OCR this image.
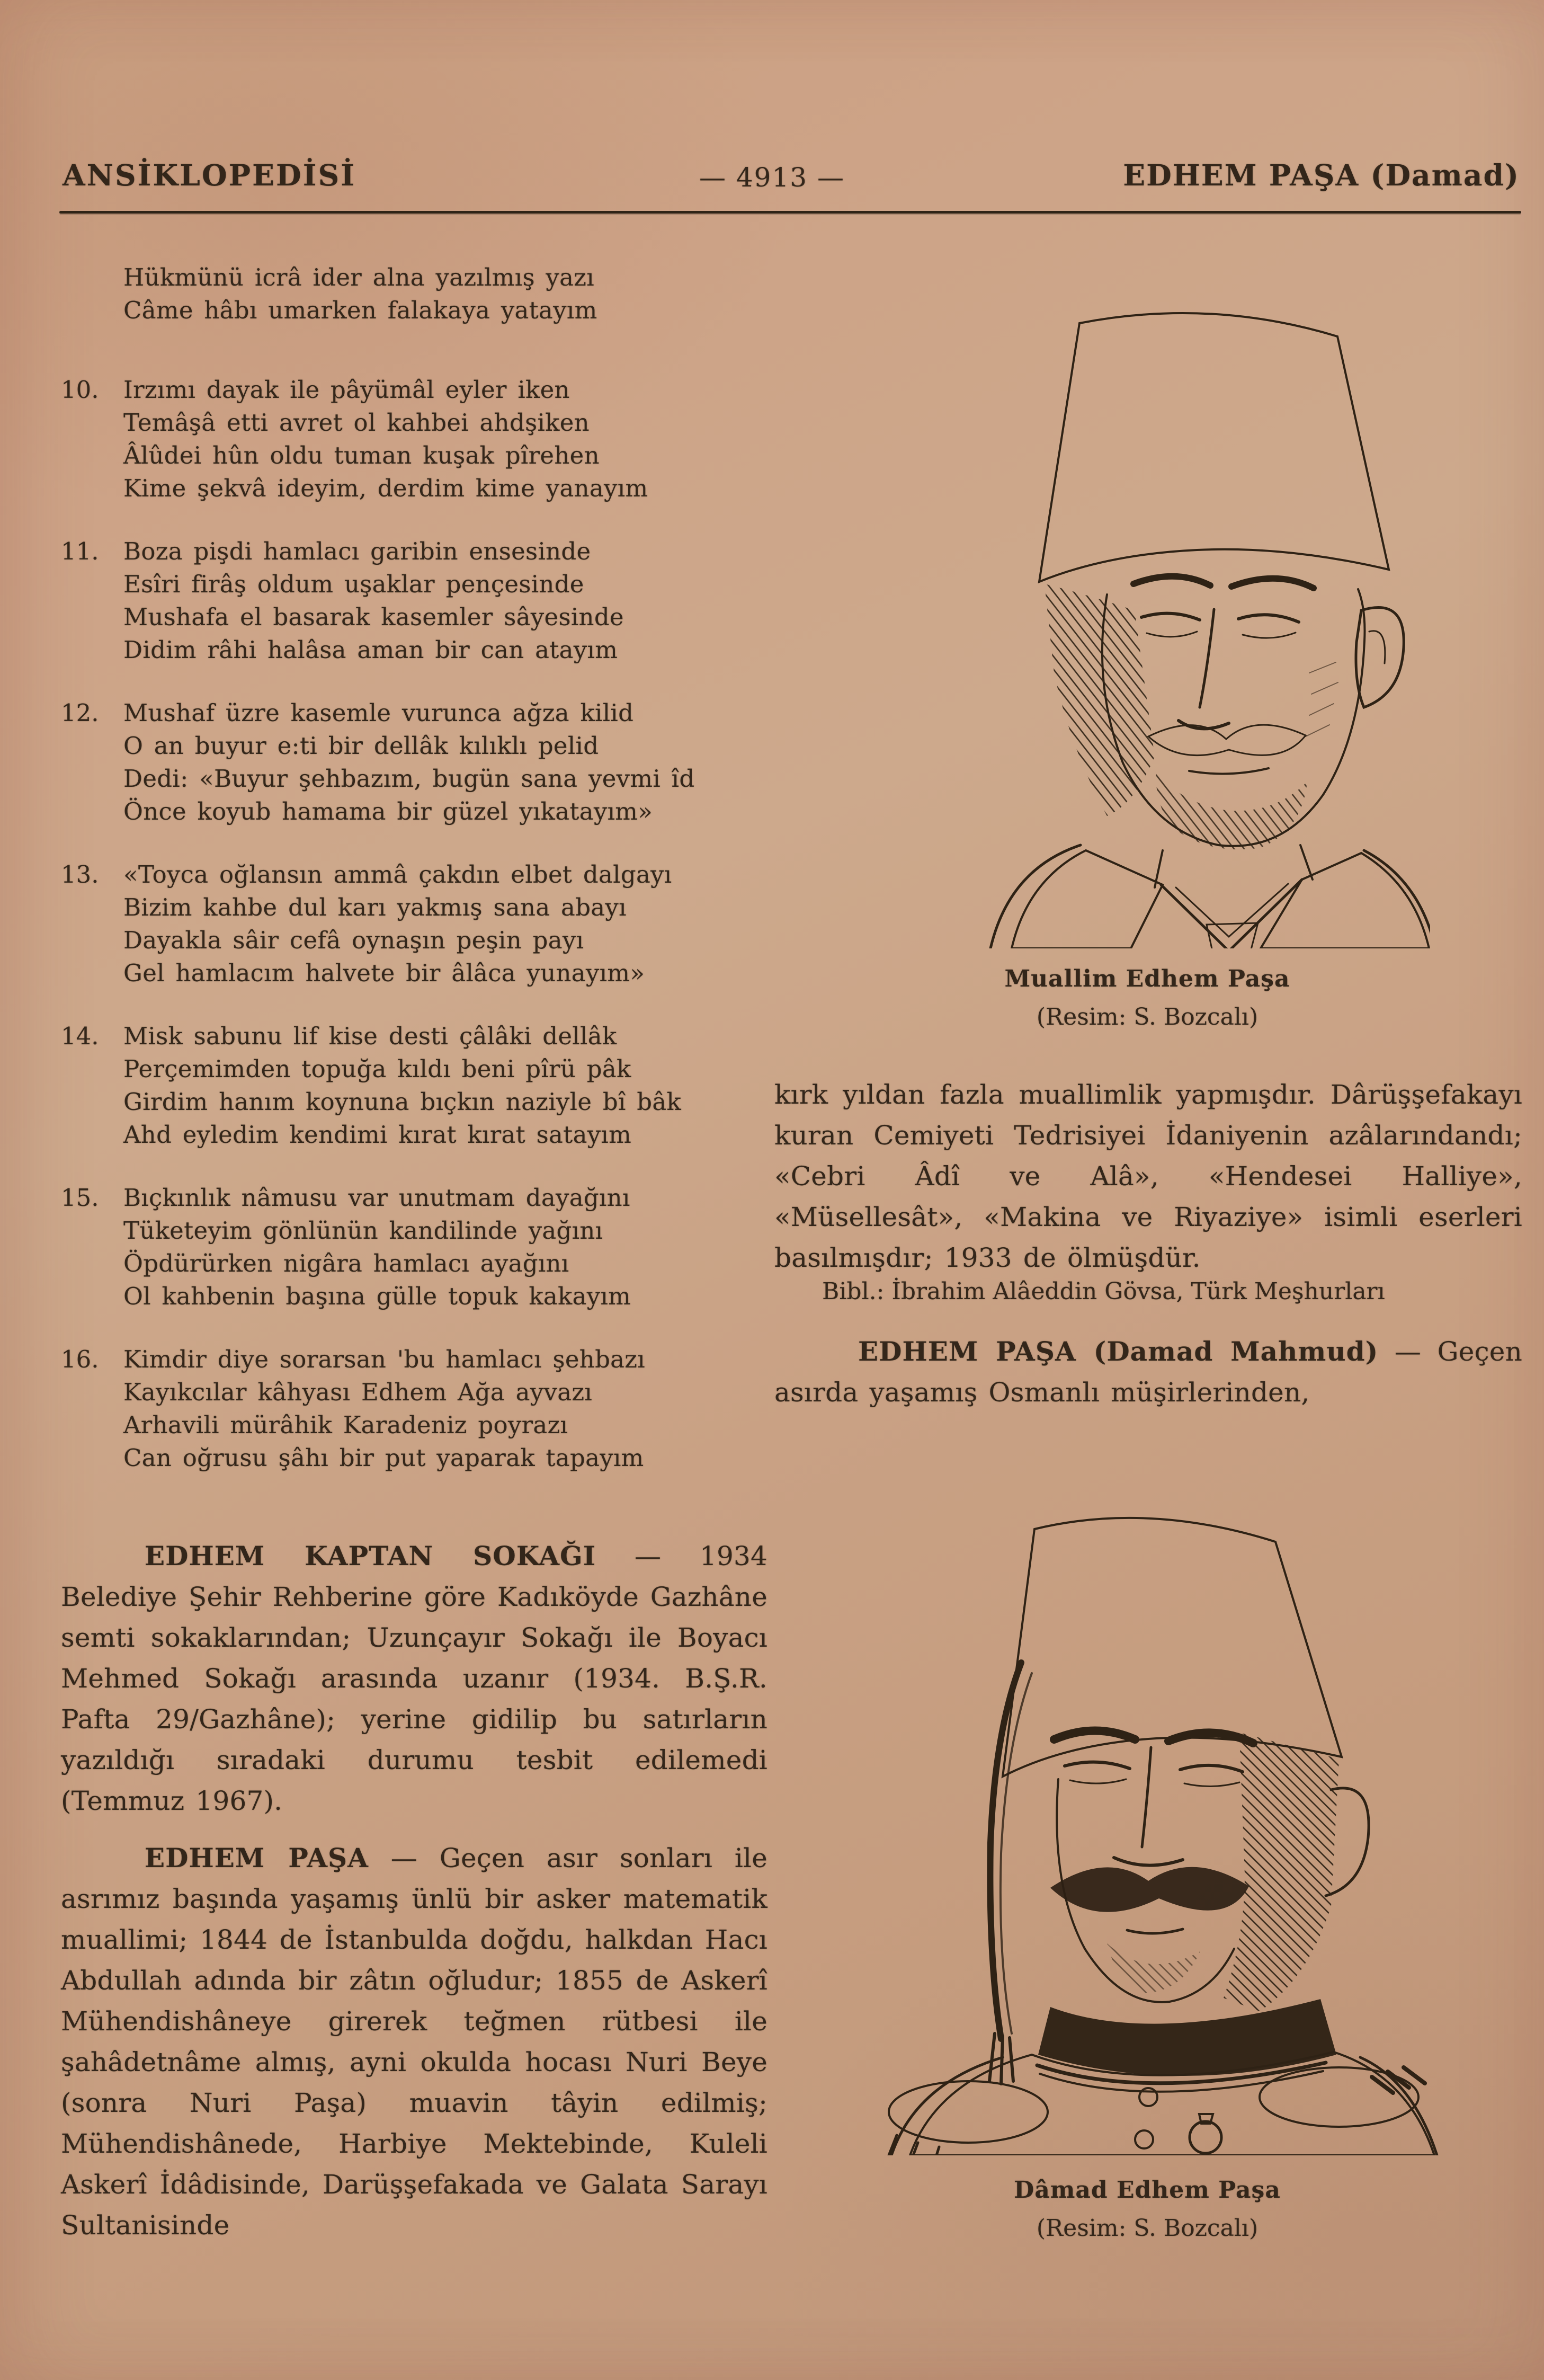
ANSİKLOPEDİSİ	— 4913 —	EDHEM PAŞA (Damad)
Hükmünü icrâ ider alna yazılmış yazı
Câme hâbı umarken falakaya yatayım
10.	Irzımı dayak ile pâyümâl eyler iken
Temâşâ etti avret ol kahbei ahdşiken
Âlûdei hûn oldu tuman kuşak pîrehen
Kime şekvâ ideyim, derdim kime yanayım
11.	Boza pişdi hamlacı garibin ensesinde
Esîri firâş oldum uşaklar pençesinde
Mushafa el basarak kasemler sâyesinde
Didim râhi halâsa aman bir can atayım
12.	Mushaf üzre kasemle vurunca ağza kilid
O an buyur e:ti bir dellâk kılıklı pelid
Dedi: «Buyur şehbazım, bugün sana yevmi îd
Önce koyub hamama bir güzel yıkatayım»
13.	«Toyca oğlansın ammâ çakdın elbet dalgayı
Bizim kahbe dul karı yakmış sana abayı
Dayakla sâir cefâ oynaşın peşin payı
Gel hamlacım halvete bir âlâca yunayım»
14.	Misk sabunu lif kise desti çâlâki dellâk
Perçemimden topuğa kıldı beni pîrü pâk
Girdim hanım koynuna bıçkın naziyle bî bâk
Ahd eyledim kendimi kırat kırat satayım
15.	Bıçkınlık nâmusu var unutmam dayağını
Tüketeyim gönlünün kandilinde yağını
Öpdürürken nigâra hamlacı ayağını
Ol kahbenin başına gülle topuk kakayım
16.	Kimdir diye sorarsan 'bu hamlacı şehbazı
Kayıkcılar kâhyası Edhem Ağa ayvazı
Arhavili mürâhik Karadeniz poyrazı
Can oğrusu şâhı bir put yaparak tapayım

EDHEM KAPTAN SOKAĞI — 1934 Belediye Şehir Rehberine göre Kadıköyde Gazhâne semti sokaklarından; Uzunçayır Sokağı ile Boyacı Mehmed Sokağı arasında uzanır (1934. B.Ş.R. Pafta 29/Gazhâne); yerine gidilip bu satırların yazıldığı sıradaki durumu tesbit edilemedi (Temmuz 1967).

EDHEM PAŞA — Geçen asır sonları ile asrımız başında yaşamış ünlü bir asker matematik muallimi; 1844 de İstanbulda doğdu, halkdan Hacı Abdullah adında bir zâtın oğludur; 1855 de Askerî Mühendishâneye girerek teğmen rütbesi ile şahâdetnâme almış, ayni okulda hocası Nuri Beye (sonra Nuri Paşa) muavin tâyin edilmiş; Mühendishânede, Harbiye Mektebinde, Kuleli Askerî İdâdisinde, Darüşşefakada ve Galata Sarayı Sultanisinde

Muallim Edhem Paşa
(Resim: S. Bozcalı)

kırk yıldan fazla muallimlik yapmışdır. Dârüşşefakayı kuran Cemiyeti Tedrisiyei İdaniyenin azâlarındandı; «Cebri Âdî ve Alâ», «Hendesei Halliye», «Müsellesât», «Makina ve Riyaziye» isimli eserleri basılmışdır; 1933 de ölmüşdür.

Bibl.: İbrahim Alâeddin Gövsa, Türk Meşhurları

EDHEM PAŞA (Damad Mahmud) — Geçen asırda yaşamış Osmanlı müşirlerinden,

Dâmad Edhem Paşa
(Resim: S. Bozcalı)
